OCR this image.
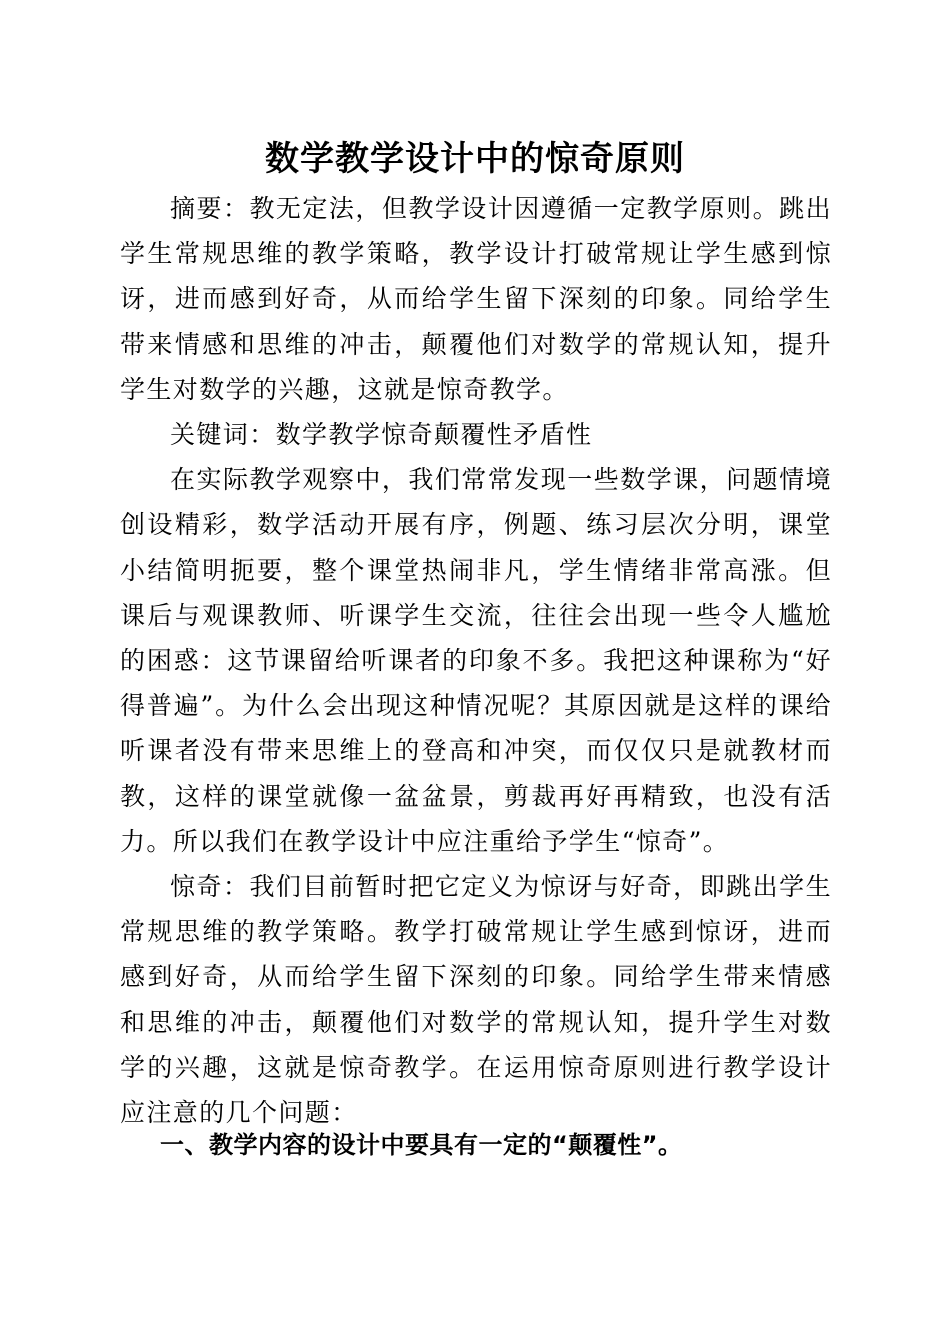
数学教学设计中的惊奇原则

摘要：教无定法，但教学设计因遵循一定教学原则。跳出学生常规思维的教学策略，教学设计打破常规让学生感到惊讶，进而感到好奇，从而给学生留下深刻的印象。同给学生带来情感和思维的冲击，颠覆他们对数学的常规认知，提升学生对数学的兴趣，这就是惊奇教学。

关键词：数学教学惊奇颠覆性矛盾性

在实际教学观察中，我们常常发现一些数学课，问题情境创设精彩，数学活动开展有序，例题、练习层次分明，课堂小结简明扼要，整个课堂热闹非凡，学生情绪非常高涨。但课后与观课教师、听课学生交流，往往会出现一些令人尴尬的困惑：这节课留给听课者的印象不多。我把这种课称为“好得普遍”。为什么会出现这种情况呢？其原因就是这样的课给听课者没有带来思维上的登高和冲突，而仅仅只是就教材而教，这样的课堂就像一盆盆景，剪裁再好再精致，也没有活力。所以我们在教学设计中应注重给予学生“惊奇”。

惊奇：我们目前暂时把它定义为惊讶与好奇，即跳出学生常规思维的教学策略。教学打破常规让学生感到惊讶，进而感到好奇，从而给学生留下深刻的印象。同给学生带来情感和思维的冲击，颠覆他们对数学的常规认知，提升学生对数学的兴趣，这就是惊奇教学。在运用惊奇原则进行教学设计应注意的几个问题：

一、教学内容的设计中要具有一定的“颠覆性”。
